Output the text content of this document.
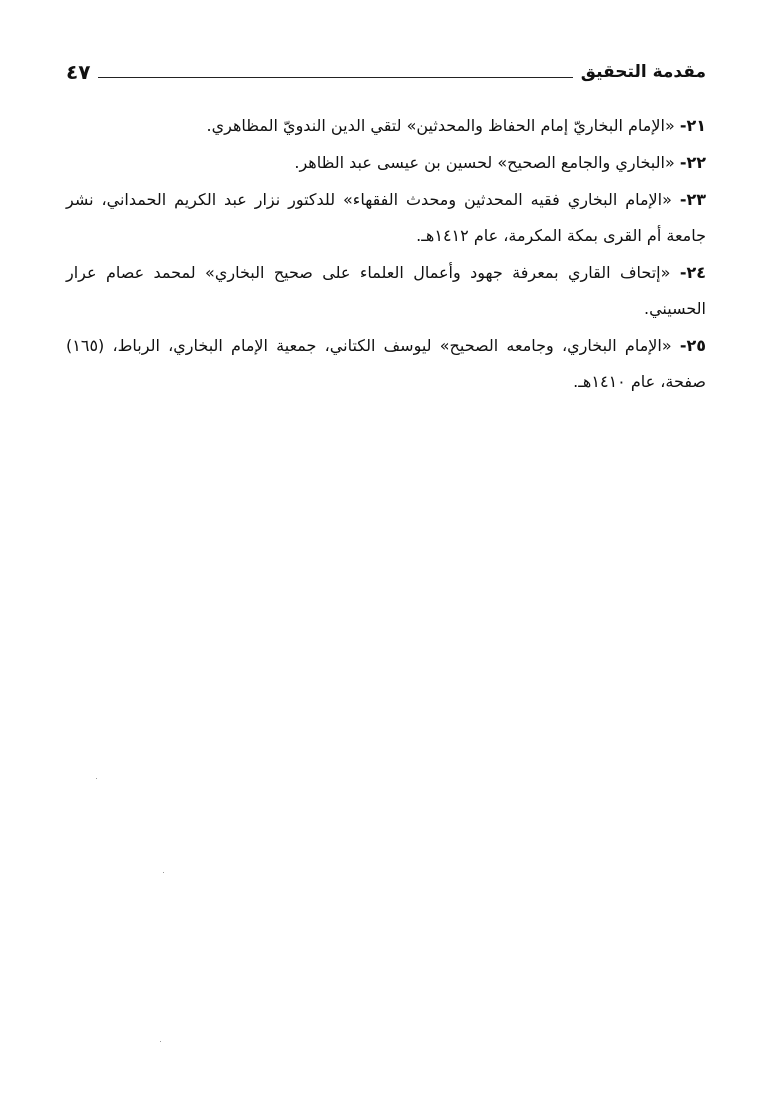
مقدمة التحقيق
٤٧

٢١- «الإمام البخاريّ إمام الحفاظ والمحدثين» لتقي الدين الندويّ المظاهري.

٢٢- «البخاري والجامع الصحيح» لحسين بن عيسى عبد الظاهر.

٢٣- «الإمام البخاري فقيه المحدثين ومحدث الفقهاء» للدكتور نزار عبد الكريم الحمداني، نشر جامعة أم القرى بمكة المكرمة، عام ١٤١٢هـ.

٢٤- «إتحاف القاري بمعرفة جهود وأعمال العلماء على صحيح البخاري» لمحمد عصام عرار الحسيني.

٢٥- «الإمام البخاري، وجامعه الصحيح» ليوسف الكتاني، جمعية الإمام البخاري، الرباط، (١٦٥) صفحة، عام ١٤١٠هـ.
